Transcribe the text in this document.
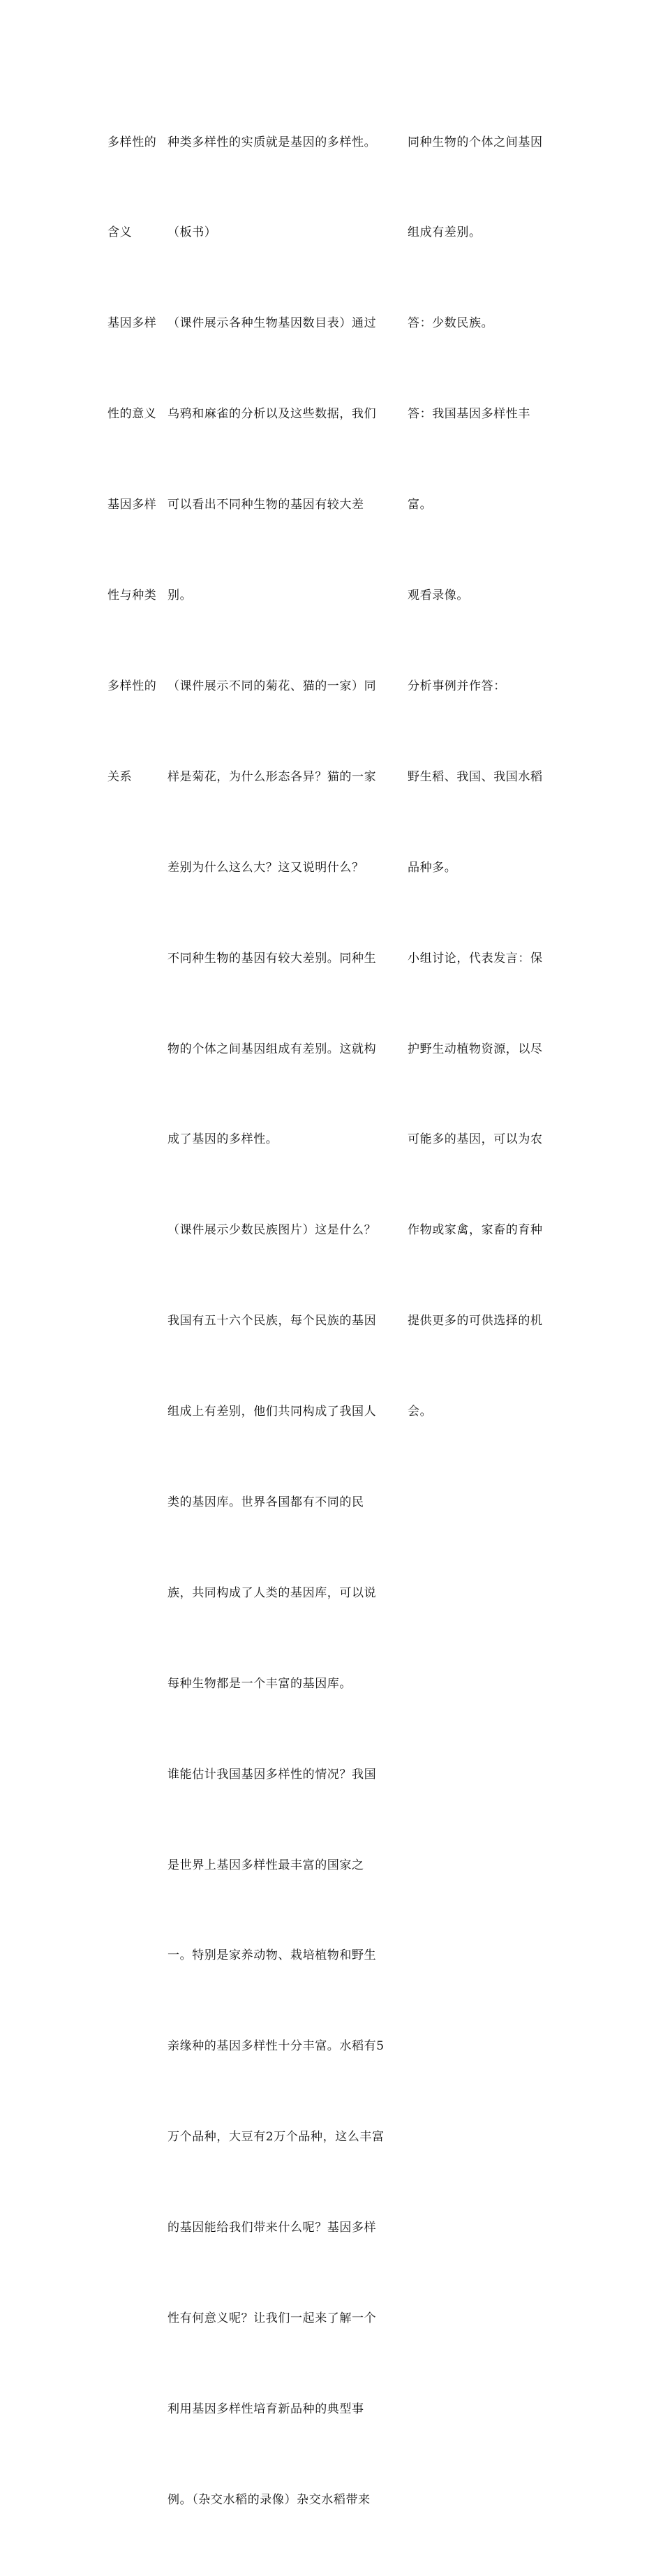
多样性的

含义

基因多样

性的意义

基因多样

性与种类

多样性的

关系

种类多样性的实质就是基因的多样性。

（板书）

（课件展示各种生物基因数目表）通过

乌鸦和麻雀的分析以及这些数据，我们

可以看出不同种生物的基因有较大差

别。

（课件展示不同的菊花、猫的一家）同

样是菊花，为什么形态各异？猫的一家

差别为什么这么大？这又说明什么？

不同种生物的基因有较大差别。同种生

物的个体之间基因组成有差别。这就构

成了基因的多样性。

（课件展示少数民族图片）这是什么？

我国有五十六个民族，每个民族的基因

组成上有差别，他们共同构成了我国人

类的基因库。世界各国都有不同的民

族，共同构成了人类的基因库，可以说

每种生物都是一个丰富的基因库。

谁能估计我国基因多样性的情况？我国

是世界上基因多样性最丰富的国家之

一。特别是家养动物、栽培植物和野生

亲缘种的基因多样性十分丰富。水稻有5

万个品种，大豆有2万个品种，这么丰富

的基因能给我们带来什么呢？基因多样

性有何意义呢？让我们一起来了解一个

利用基因多样性培育新品种的典型事

例。（杂交水稻的录像）杂交水稻带来

同种生物的个体之间基因

组成有差别。

答：少数民族。

答：我国基因多样性丰

富。

观看录像。

分析事例并作答：

野生稻、我国、我国水稻

品种多。

小组讨论，代表发言：保

护野生动植物资源，以尽

可能多的基因，可以为农

作物或家禽，家畜的育种

提供更多的可供选择的机

会。
